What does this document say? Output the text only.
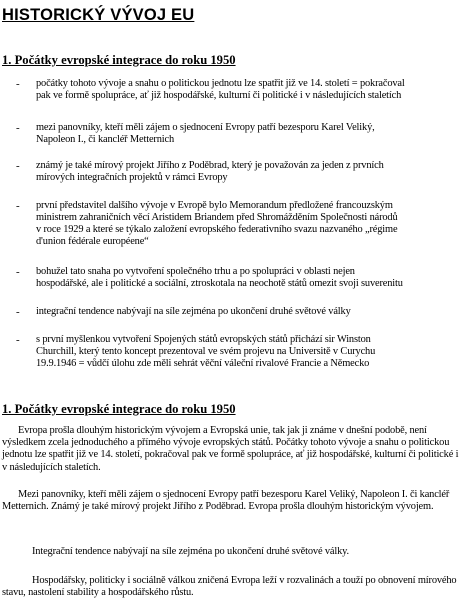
HISTORICKÝ VÝVOJ EU
1. Počátky evropské integrace do roku 1950
- počátky tohoto vývoje a snahu o politickou jednotu lze spatřit již ve 14. století = pokračoval
pak ve formě spolupráce, ať již hospodářské, kulturní či politické i v následujících staletích
- mezi panovníky, kteří měli zájem o sjednocení Evropy patří bezesporu Karel Veliký,
Napoleon I., či kancléř Metternich
- známý je také mírový projekt Jiřího z Poděbrad, který je považován za jeden z prvních
mírových integračních projektů v rámci Evropy
- první představitel dalšího vývoje v Evropě bylo Memorandum předložené francouzským
ministrem zahraničních věcí Aristidem Briandem před Shromážděním Společnosti národů
v roce 1929 a které se týkalo založení evropského federativního svazu nazvaného „régime d'union fédérale européene“
- bohužel tato snaha po vytvoření společného trhu a po spolupráci v oblasti nejen
hospodářské, ale i politické a sociální, ztroskotala na neochotě států omezit svoji suverenitu
- integrační tendence nabývají na síle zejména po ukončení druhé světové války
- s první myšlenkou vytvoření Spojených států evropských států přichází sir Winston
Churchill, který tento koncept prezentoval ve svém projevu na Universitě v Curychu
19.9.1946 = vůdčí úlohu zde měli sehrát věční váleční rivalové Francie a Německo
1. Počátky evropské integrace do roku 1950
Evropa prošla dlouhým historickým vývojem a Evropská unie, tak jak ji známe v dnešní podobě, není výsledkem zcela jednoduchého a přímého vývoje evropských států. Počátky tohoto vývoje a snahu o politickou jednotu lze spatřit již ve 14. století, pokračoval pak ve formě spolupráce, ať již hospodářské, kulturní či politické i v následujících staletích.
Mezi panovníky, kteří měli zájem o sjednocení Evropy patří bezesporu Karel Veliký, Napoleon I. či kancléř Metternich. Známý je také mírový projekt Jiřího z Poděbrad. Evropa prošla dlouhým historickým vývojem.
Integrační tendence nabývají na síle zejména po ukončení druhé světové války.
Hospodářsky, politicky i sociálně válkou zničená Evropa leží v rozvalinách a touží po obnovení mírového stavu, nastolení stability a hospodářského růstu.
